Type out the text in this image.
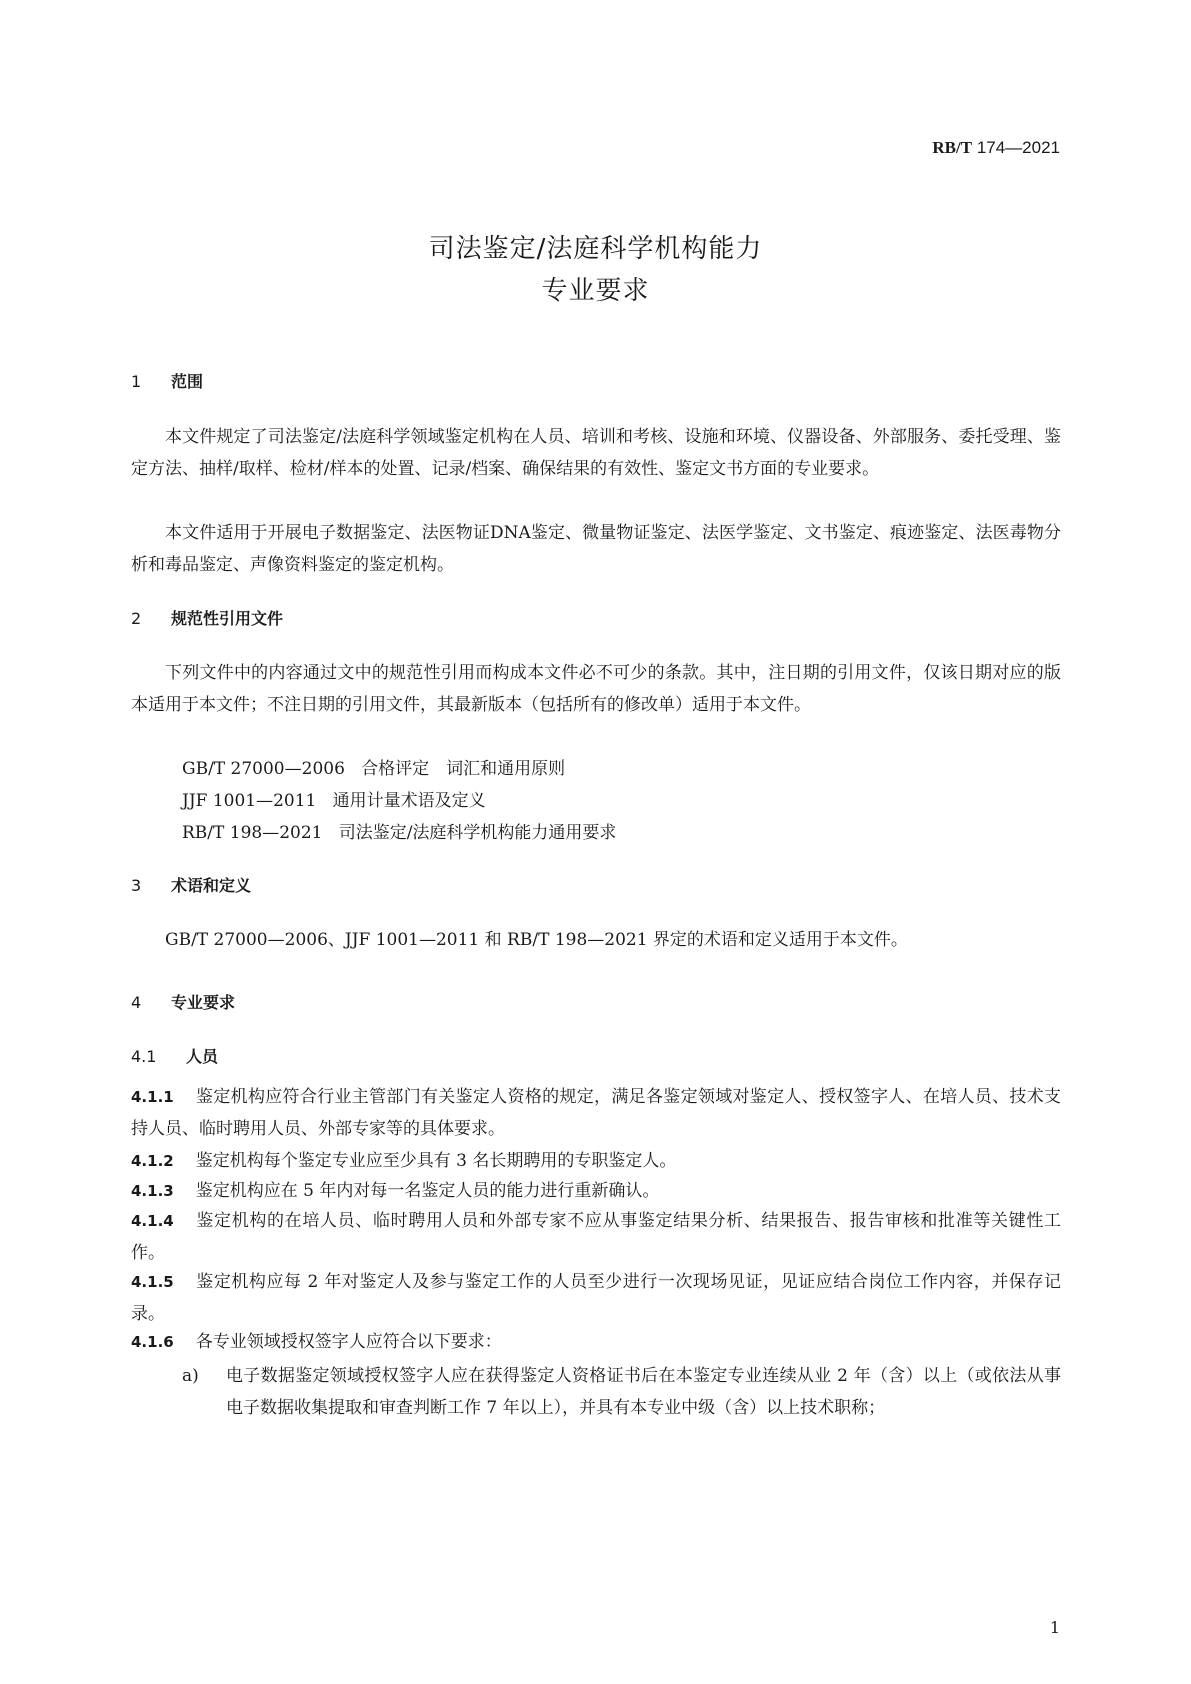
RB/T 174—2021
司法鉴定/法庭科学机构能力
专业要求
1 范围
本文件规定了司法鉴定/法庭科学领域鉴定机构在人员、培训和考核、设施和环境、仪器设备、外部服务、委托受理、鉴定方法、抽样/取样、检材/样本的处置、记录/档案、确保结果的有效性、鉴定文书方面的专业要求。
本文件适用于开展电子数据鉴定、法医物证DNA鉴定、微量物证鉴定、法医学鉴定、文书鉴定、痕迹鉴定、法医毒物分析和毒品鉴定、声像资料鉴定的鉴定机构。
2 规范性引用文件
下列文件中的内容通过文中的规范性引用而构成本文件必不可少的条款。其中，注日期的引用文件，仅该日期对应的版本适用于本文件；不注日期的引用文件，其最新版本（包括所有的修改单）适用于本文件。
GB/T 27000—2006 合格评定　词汇和通用原则
JJF 1001—2011 通用计量术语及定义
RB/T 198—2021 司法鉴定/法庭科学机构能力通用要求
3 术语和定义
GB/T 27000—2006、JJF 1001—2011 和 RB/T 198—2021 界定的术语和定义适用于本文件。
4 专业要求
4.1 人员
4.1.1 鉴定机构应符合行业主管部门有关鉴定人资格的规定，满足各鉴定领域对鉴定人、授权签字人、在培人员、技术支持人员、临时聘用人员、外部专家等的具体要求。
4.1.2 鉴定机构每个鉴定专业应至少具有 3 名长期聘用的专职鉴定人。
4.1.3 鉴定机构应在 5 年内对每一名鉴定人员的能力进行重新确认。
4.1.4 鉴定机构的在培人员、临时聘用人员和外部专家不应从事鉴定结果分析、结果报告、报告审核和批准等关键性工作。
4.1.5 鉴定机构应每 2 年对鉴定人及参与鉴定工作的人员至少进行一次现场见证，见证应结合岗位工作内容，并保存记录。
4.1.6 各专业领域授权签字人应符合以下要求：
a) 电子数据鉴定领域授权签字人应在获得鉴定人资格证书后在本鉴定专业连续从业 2 年（含）以上（或依法从事电子数据收集提取和审查判断工作 7 年以上），并具有本专业中级（含）以上技术职称；
1
